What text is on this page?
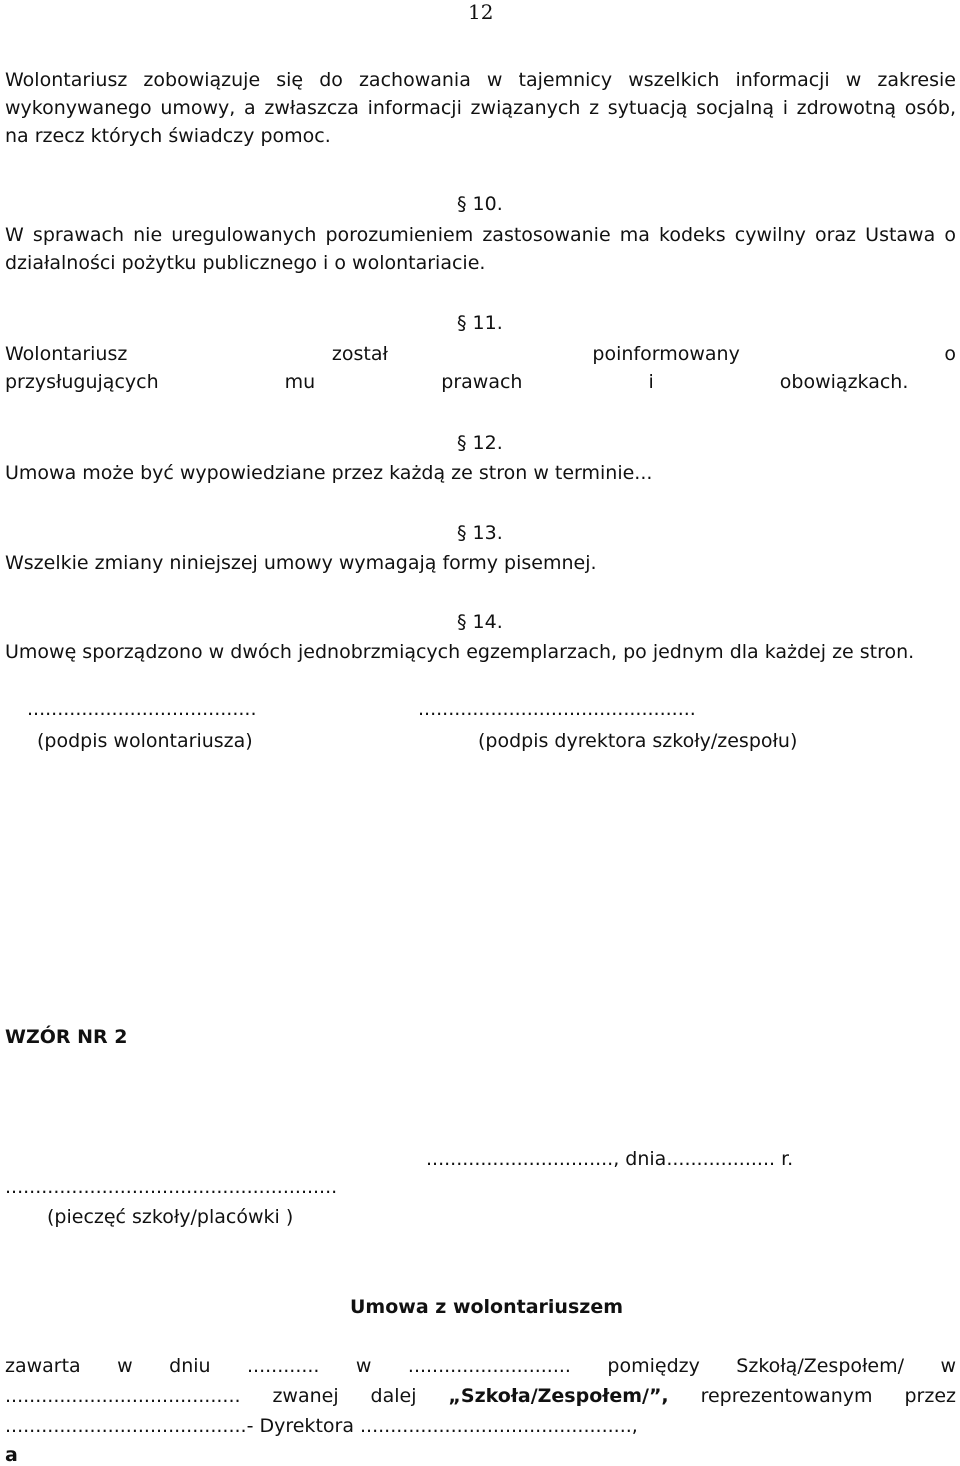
12
Wolontariusz zobowiązuje się do zachowania w tajemnicy wszelkich informacji w zakresie wykonywanego umowy, a zwłaszcza informacji związanych z sytuacją socjalną i zdrowotną osób, na rzecz których świadczy pomoc.
§ 10.
W sprawach nie uregulowanych porozumieniem zastosowanie ma kodeks cywilny oraz Ustawa o działalności pożytku publicznego i o wolontariacie.
§ 11.
Wolontariusz został poinformowany o przysługujących mu prawach i obowiązkach.
§ 12.
Umowa może być wypowiedziane przez każdą ze stron w terminie...
§ 13.
Wszelkie zmiany niniejszej umowy wymagają formy pisemnej.
§ 14.
Umowę sporządzono w dwóch jednobrzmiących egzemplarzach, po jednym dla każdej ze stron.
......................................
(podpis wolontariusza)
..............................................
(podpis dyrektora szkoły/zespołu)
WZÓR NR 2
..............................., dnia.................. r.
.......................................................
(pieczęć szkoły/placówki )
Umowa z wolontariuszem
zawarta w dniu ............ w ........................... pomiędzy Szkołą/Zespołem/ w
....................................... zwanej dalej „Szkoła/Zespołem/”, reprezentowanym przez
........................................- Dyrektora .............................................,
a
